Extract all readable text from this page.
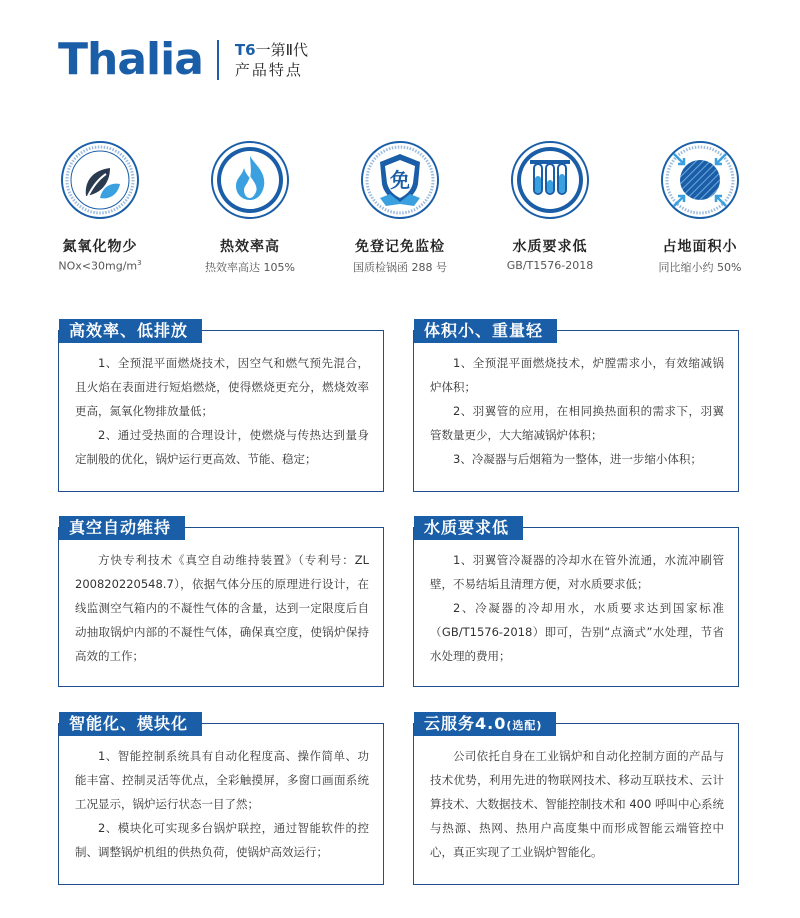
Thalia T6一第Ⅱ代
产品特点
氮氧化物少
$NOx<30mg/m^3$
热效率高
热效率高达 105%
免
免登记免监检
国质检锅函 288 号
水质要求低
GB/T1576-2018
占地面积小
同比缩小约 50%
高效率、低排放

1、全预混平面燃烧技术，因空气和燃气预先混合，且火焰在表面进行短焰燃烧，使得燃烧更充分，燃烧效率更高，氮氧化物排放量低；

2、通过受热面的合理设计，使燃烧与传热达到量身定制般的优化，锅炉运行更高效、节能、稳定；

体积小、重量轻

1、全预混平面燃烧技术，炉膛需求小，有效缩减锅炉体积；

2、羽翼管的应用，在相同换热面积的需求下，羽翼管数量更少，大大缩减锅炉体积；

3、冷凝器与后烟箱为一整体，进一步缩小体积；

真空自动维持

方快专利技术《真空自动维持装置》（专利号：ZL 200820220548.7），依据气体分压的原理进行设计，在线监测空气箱内的不凝性气体的含量，达到一定限度后自动抽取锅炉内部的不凝性气体，确保真空度，使锅炉保持高效的工作；

水质要求低

1、羽翼管冷凝器的冷却水在管外流通，水流冲刷管壁，不易结垢且清理方便，对水质要求低；

2、冷凝器的冷却用水，水质要求达到国家标准（GB/T1576-2018）即可，告别“点滴式”水处理，节省水处理的费用；

智能化、模块化

1、智能控制系统具有自动化程度高、操作简单、功能丰富、控制灵活等优点，全彩触摸屏，多窗口画面系统工况显示，锅炉运行状态一目了然；

2、模块化可实现多台锅炉联控，通过智能软件的控制、调整锅炉机组的供热负荷，使锅炉高效运行；

云服务4.0(选配)

公司依托自身在工业锅炉和自动化控制方面的产品与技术优势，利用先进的物联网技术、移动互联技术、云计算技术、大数据技术、智能控制技术和 400 呼叫中心系统与热源、热网、热用户高度集中而形成智能云端管控中心，真正实现了工业锅炉智能化。
